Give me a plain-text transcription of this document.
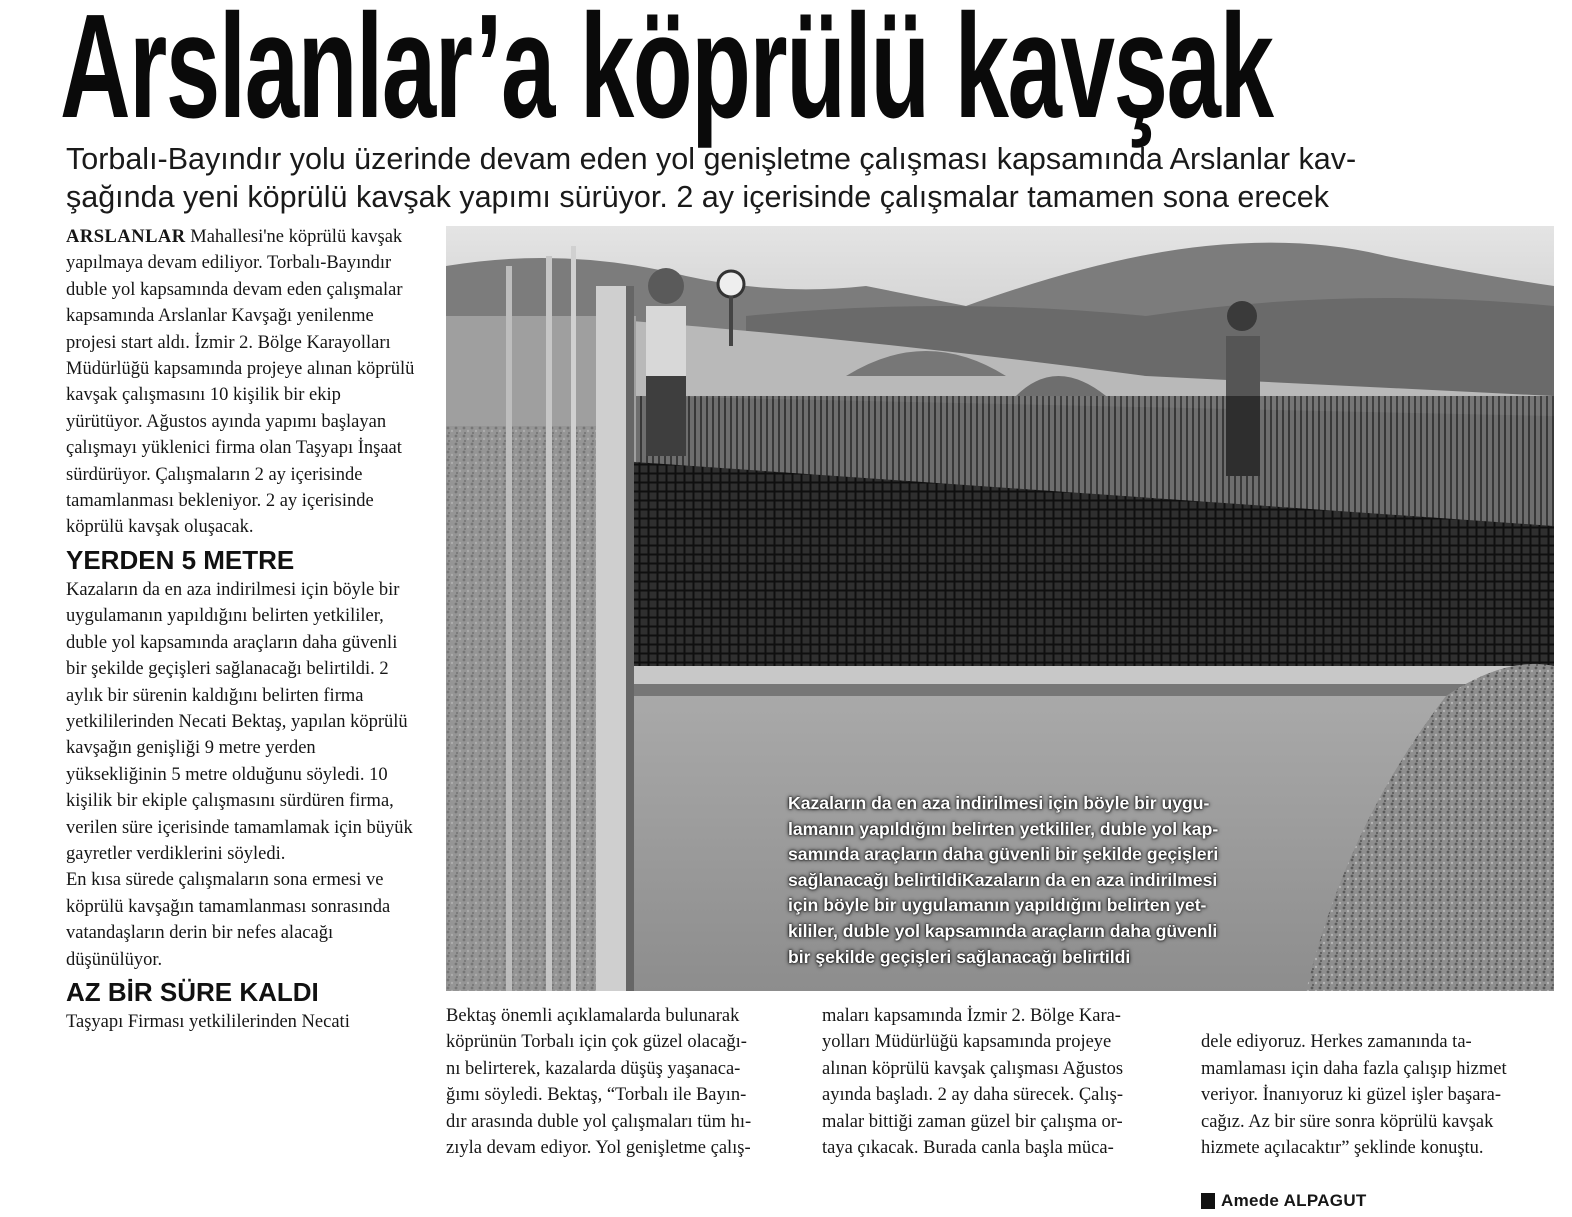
Arslanlar’a köprülü kavşak
Torbalı-Bayındır yolu üzerinde devam eden yol genişletme çalışması kapsamında Arslanlar kav-
şağında yeni köprülü kavşak yapımı sürüyor. 2 ay içerisinde çalışmalar tamamen sona erecek

ARSLANLAR Mahallesi'ne köprülü kavşak yapılmaya devam ediliyor. Torbalı-Bayındır duble yol kapsamında devam eden çalışmalar kapsamında Arslanlar Kavşağı yenilenme projesi start aldı. İzmir 2. Bölge Karayolları Müdürlüğü kapsamında projeye alınan köprülü kavşak çalışmasını 10 kişilik bir ekip yürütüyor. Ağustos ayında yapımı başlayan çalışmayı yüklenici firma olan Taşyapı İnşaat sürdürüyor. Çalışmaların 2 ay içerisinde tamamlanması bekleniyor. 2 ay içerisinde köprülü kavşak oluşacak.

YERDEN 5 METRE

Kazaların da en aza indirilmesi için böyle bir uygulamanın yapıldığını belirten yetkililer, duble yol kapsamında araçların daha güvenli bir şekilde geçişleri sağlanacağı belirtildi. 2 aylık bir sürenin kaldığını belirten firma yetkililerinden Necati Bektaş, yapılan köprülü kavşağın genişliği 9 metre yerden yüksekliğinin 5 metre olduğunu söyledi. 10 kişilik bir ekiple çalışmasını sürdüren firma, verilen süre içerisinde tamamlamak için büyük gayretler verdiklerini söyledi.

En kısa sürede çalışmaların sona ermesi ve köprülü kavşağın tamamlanması sonrasında vatandaşların derin bir nefes alacağı düşünülüyor.

AZ BİR SÜRE KALDI

Taşyapı Firması yetkililerinden Necati

Kazaların da en aza indirilmesi için böyle bir uygu-
lamanın yapıldığını belirten yetkililer, duble yol kap-
samında araçların daha güvenli bir şekilde geçişleri
sağlanacağı belirtildiKazaların da en aza indirilmesi
için böyle bir uygulamanın yapıldığını belirten yet-
kililer, duble yol kapsamında araçların daha güvenli
bir şekilde geçişleri sağlanacağı belirtildi
Bektaş önemli açıklamalarda bulunarak
köprünün Torbalı için çok güzel olacağı-
nı belirterek, kazalarda düşüş yaşanaca-
ğımı söyledi. Bektaş, “Torbalı ile Bayın-
dır arasında duble yol çalışmaları tüm hı-
zıyla devam ediyor. Yol genişletme çalış-
maları kapsamında İzmir 2. Bölge Kara-
yolları Müdürlüğü kapsamında projeye
alınan köprülü kavşak çalışması Ağustos
ayında başladı. 2 ay daha sürecek. Çalış-
malar bittiği zaman güzel bir çalışma or-
taya çıkacak. Burada canla başla müca-

dele ediyoruz. Herkes zamanında ta-
mamlaması için daha fazla çalışıp hizmet
veriyor. İnanıyoruz ki güzel işler başara-
cağız. Az bir süre sonra köprülü kavşak
hizmete açılacaktır” şeklinde konuştu.

Amede ALPAGUT
